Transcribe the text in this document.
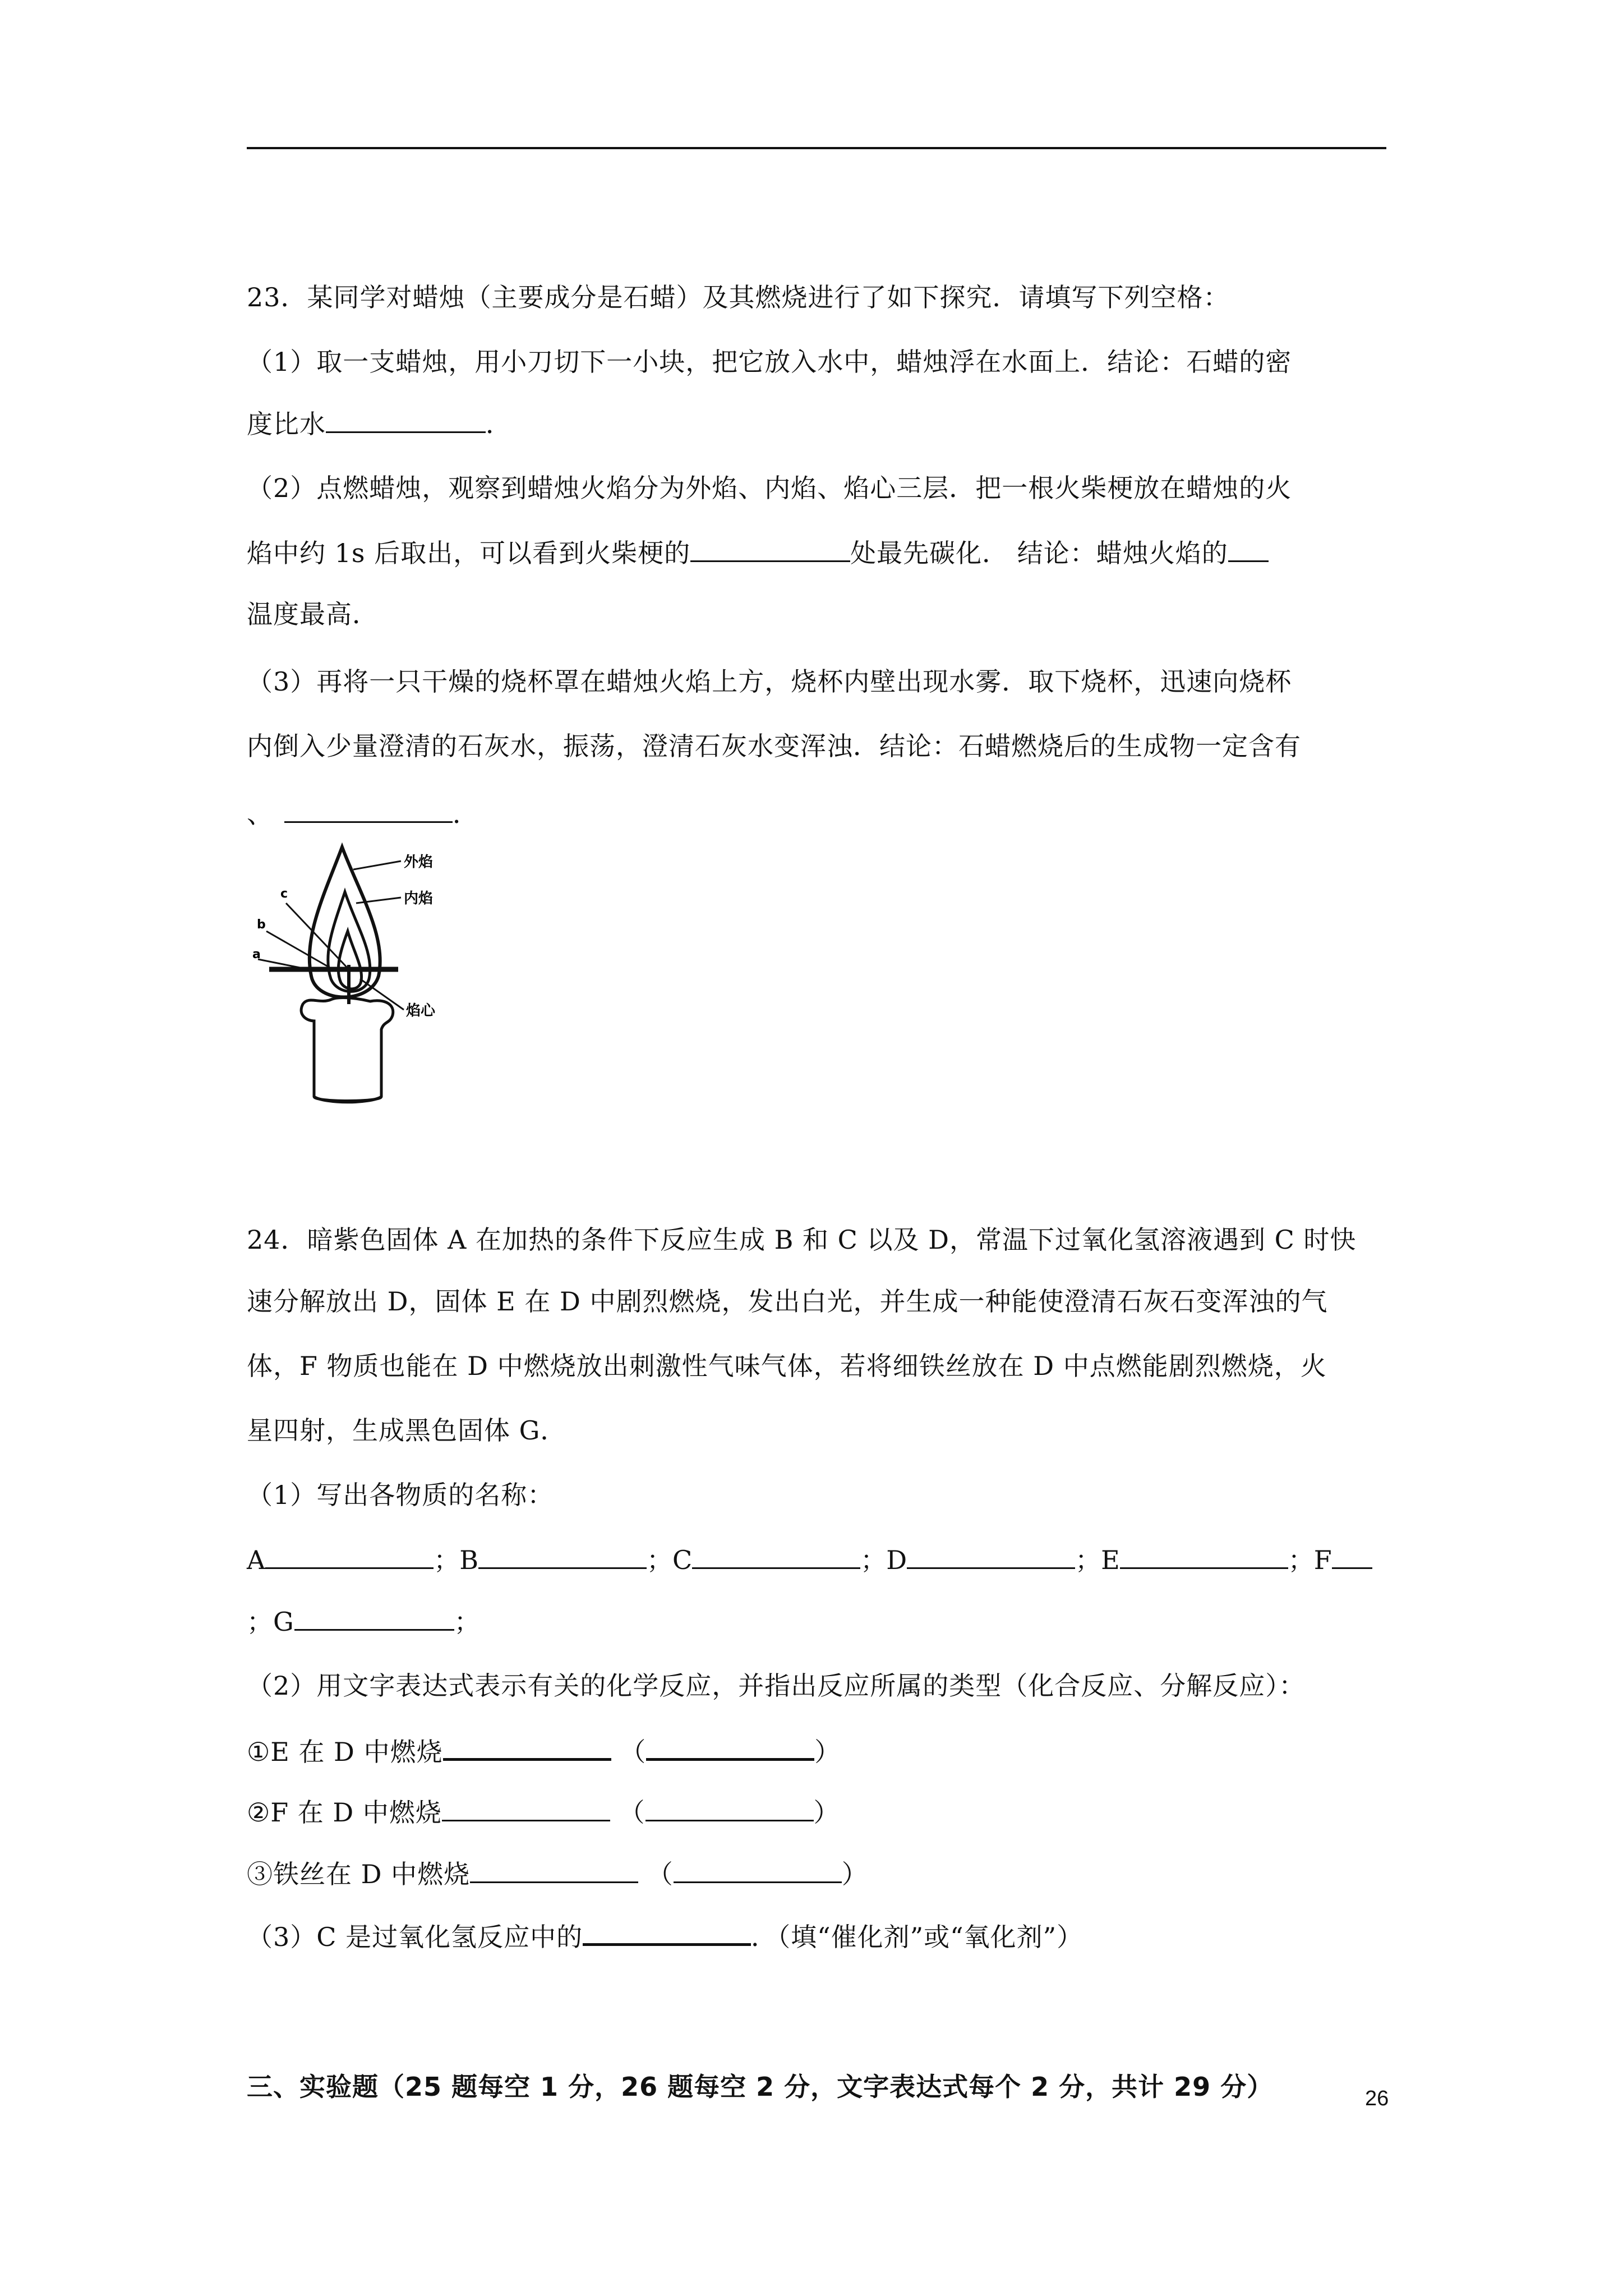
23．某同学对蜡烛（主要成分是石蜡）及其燃烧进行了如下探究．请填写下列空格：
（1）取一支蜡烛，用小刀切下一小块，把它放入水中，蜡烛浮在水面上．结论：石蜡的密
度比水	．
（2）点燃蜡烛，观察到蜡烛火焰分为外焰、内焰、焰心三层．把一根火柴梗放在蜡烛的火
焰中约 1s 后取出，可以看到火柴梗的	处最先碳化． 结论：蜡烛火焰的
温度最高．
（3）再将一只干燥的烧杯罩在蜡烛火焰上方，烧杯内壁出现水雾．取下烧杯，迅速向烧杯
内倒入少量澄清的石灰水，振荡，澄清石灰水变浑浊．结论：石蜡燃烧后的生成物一定含有
、	．
a
b
c
外焰
内焰
焰心
24．暗紫色固体 A 在加热的条件下反应生成 B 和 C 以及 D，常温下过氧化氢溶液遇到 C 时快
速分解放出 D，固体 E 在 D 中剧烈燃烧，发出白光，并生成一种能使澄清石灰石变浑浊的气
体，F 物质也能在 D 中燃烧放出刺激性气味气体，若将细铁丝放在 D 中点燃能剧烈燃烧，火
星四射，生成黑色固体 G．
（1）写出各物质的名称：
A	；B	；C	；D	；E	；F
；G	；
（2）用文字表达式表示有关的化学反应，并指出反应所属的类型（化合反应、分解反应）：
①E 在 D 中燃烧	（	）
②F 在 D 中燃烧	（	）
③铁丝在 D 中燃烧	（	）
（3）C 是过氧化氢反应中的	．（填“催化剂”或“氧化剂”）
三、实验题（25 题每空 1 分，26 题每空 2 分，文字表达式每个 2 分，共计 29 分）	26
